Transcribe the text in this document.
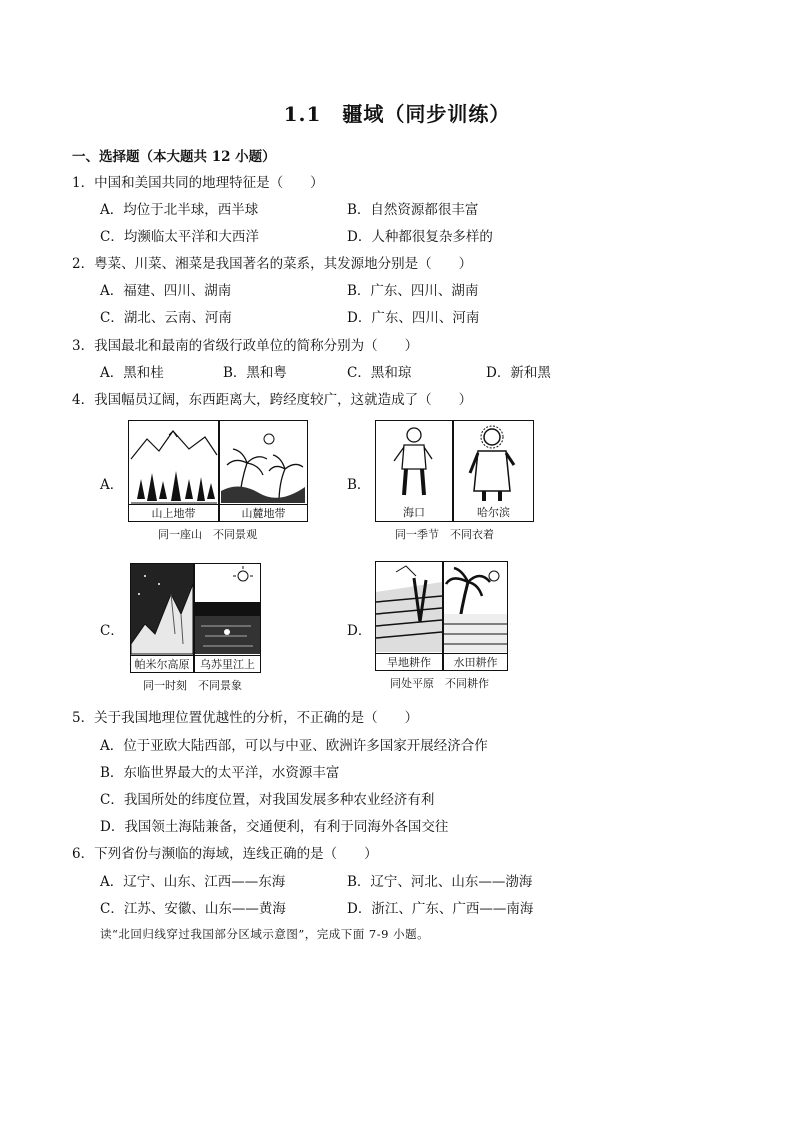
1.1　疆域（同步训练）
一、选择题（本大题共 12 小题）
1．中国和美国共同的地理特征是（　　）
A．均位于北半球，西半球	B．自然资源都很丰富
C．均濒临太平洋和大西洋	D．人种都很复杂多样的
2．粤菜、川菜、湘菜是我国著名的菜系，其发源地分别是（　　）
A．福建、四川、湖南	B．广东、四川、湖南
C．湖北、云南、河南	D．广东、四川、河南
3．我国最北和最南的省级行政单位的简称分别为（　　）
A．黑和桂	B．黑和粤	C．黑和琼	D．新和黑
4．我国幅员辽阔，东西距离大，跨经度较广，这就造成了（　　）
A．
山上地带	山麓地带
同一座山　不同景观
B．
海口	哈尔滨
同一季节　不同衣着
C．
帕米尔高原 乌苏里江上
同一时刻　不同景象
D．
旱地耕作	水田耕作
同处平原　不同耕作
5．关于我国地理位置优越性的分析，不正确的是（　　）
A．位于亚欧大陆西部，可以与中亚、欧洲许多国家开展经济合作
B．东临世界最大的太平洋，水资源丰富
C．我国所处的纬度位置，对我国发展多种农业经济有利
D．我国领土海陆兼备，交通便利，有利于同海外各国交往
6．下列省份与濒临的海域，连线正确的是（　　）
A．辽宁、山东、江西——东海	B．辽宁、河北、山东——渤海
C．江苏、安徽、山东——黄海	D．浙江、广东、广西——南海
读“北回归线穿过我国部分区域示意图”，完成下面 7-9 小题。
